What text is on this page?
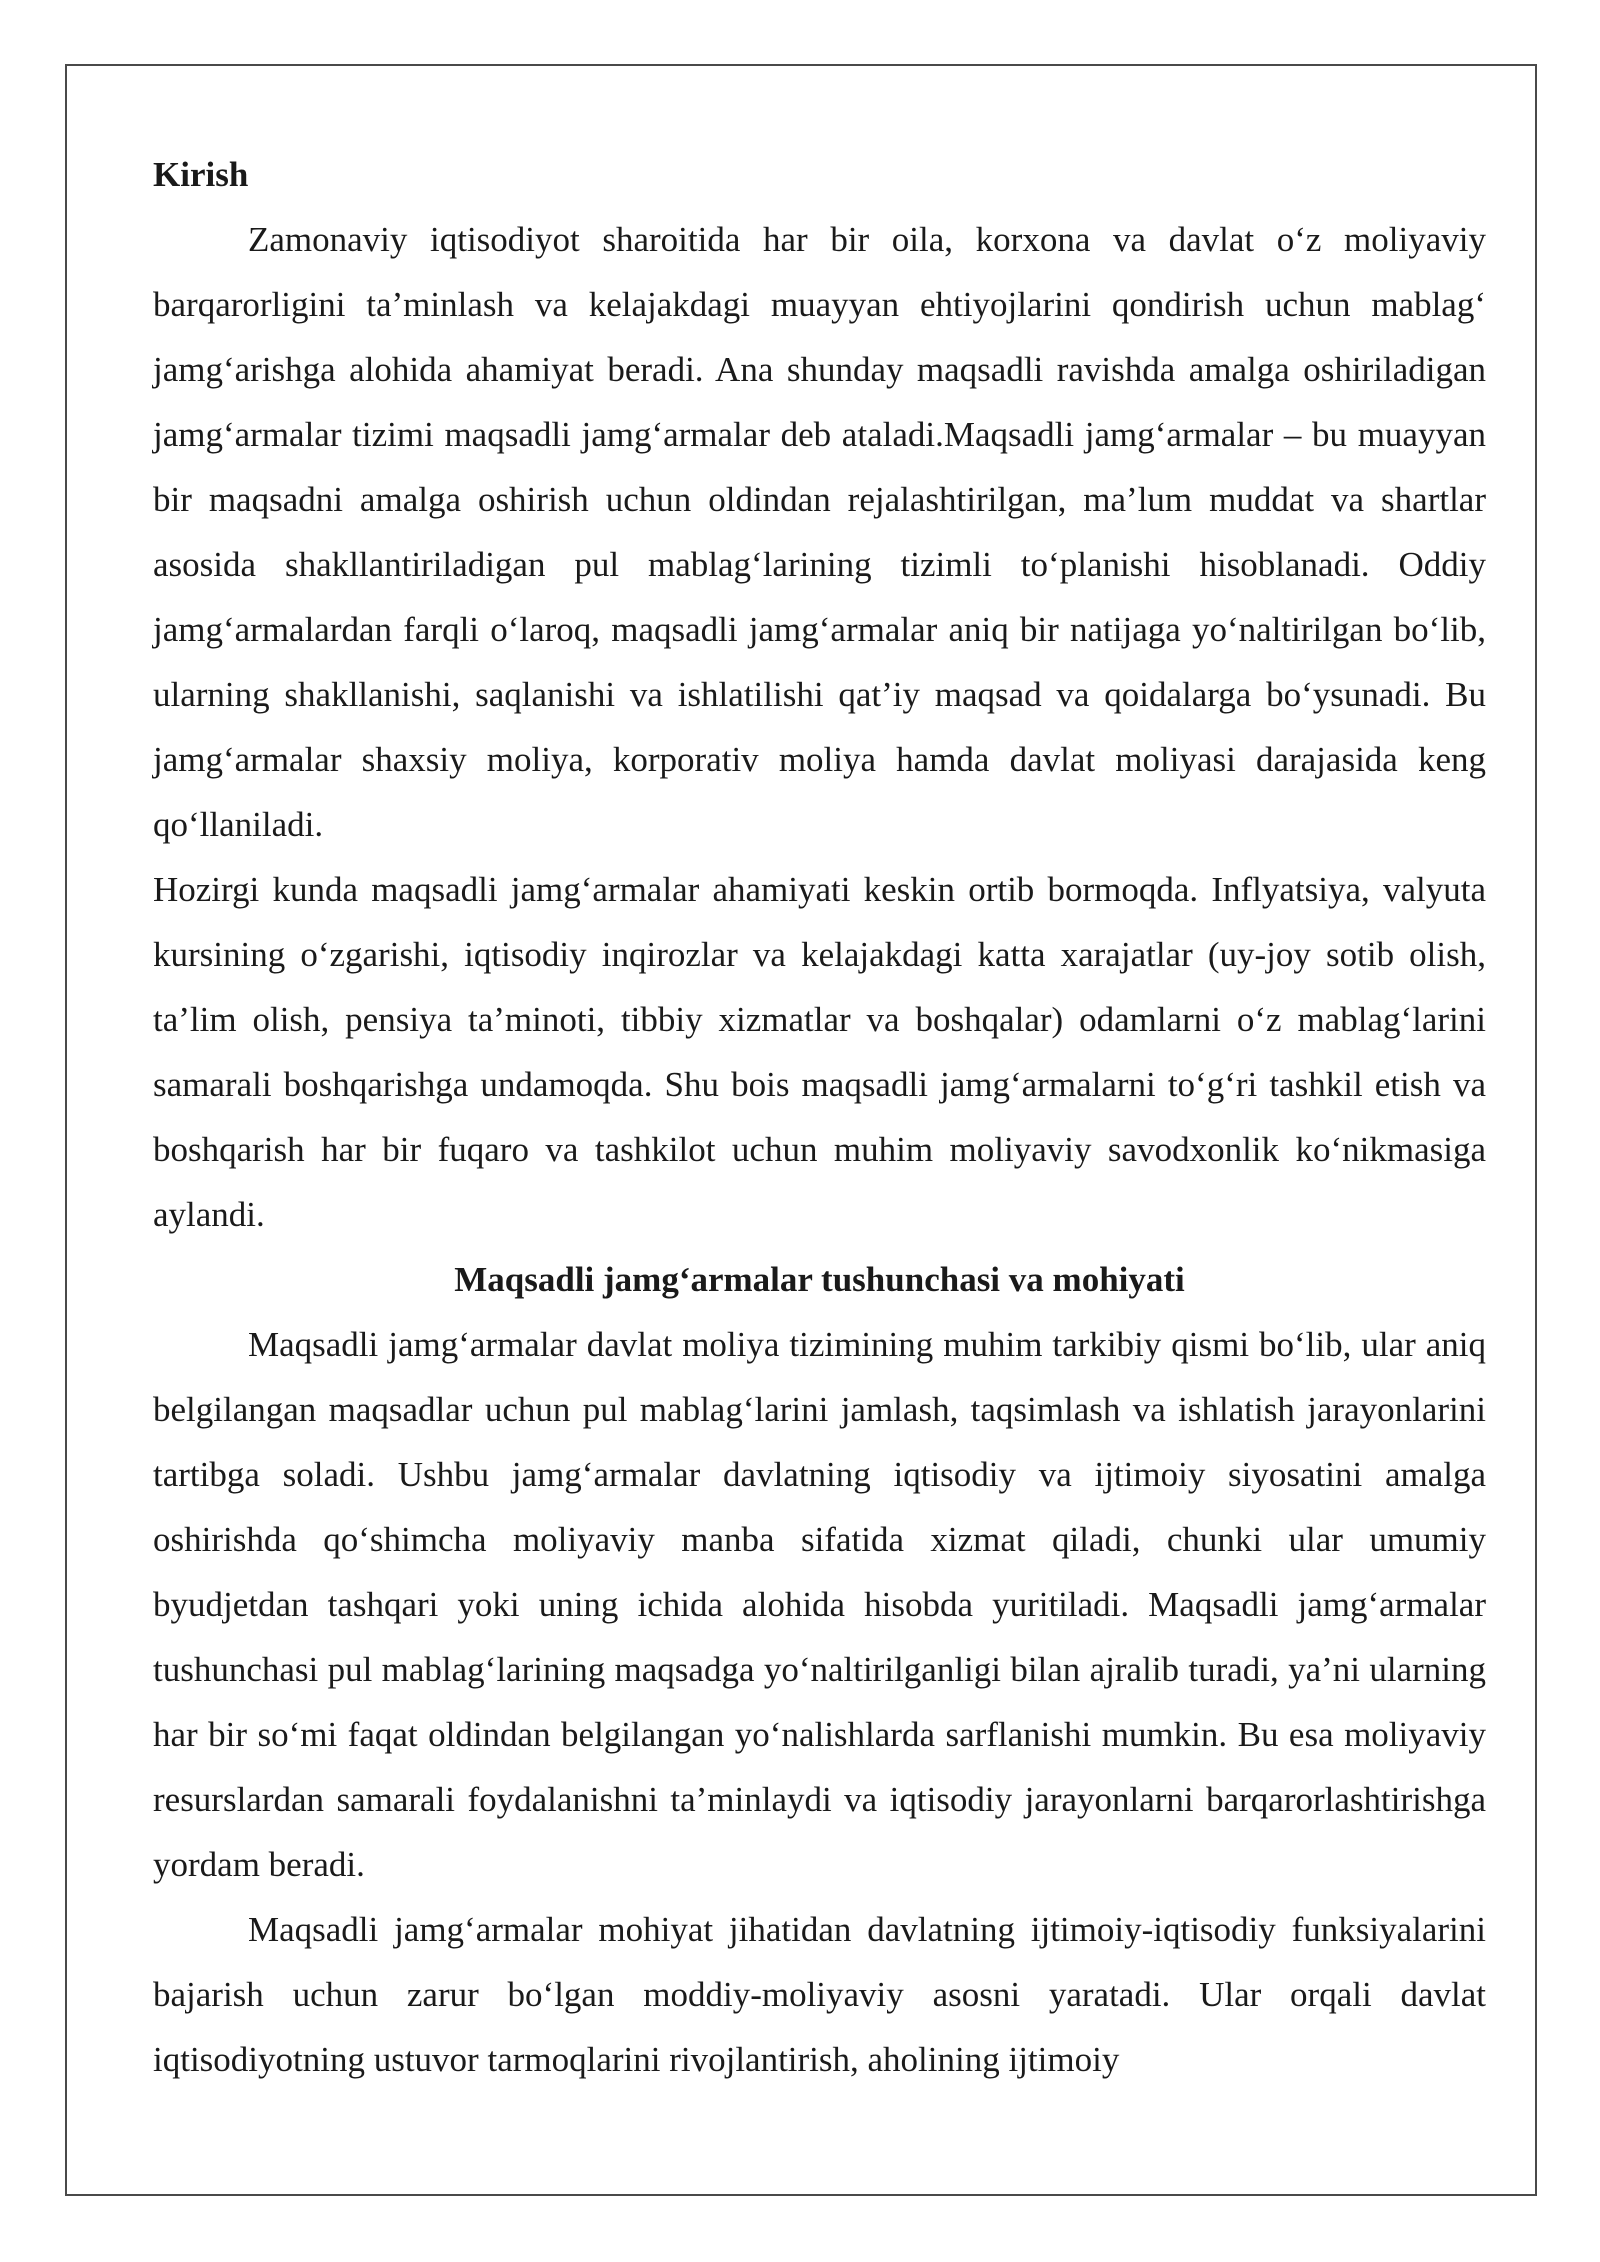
Kirish

Zamonaviy iqtisodiyot sharoitida har bir oila, korxona va davlat o‘z moliyaviy barqarorligini ta’minlash va kelajakdagi muayyan ehtiyojlarini qondirish uchun mablag‘ jamg‘arishga alohida ahamiyat beradi. Ana shunday maqsadli ravishda amalga oshiriladigan jamg‘armalar tizimi maqsadli jamg‘armalar deb ataladi.Maqsadli jamg‘armalar – bu muayyan bir maqsadni amalga oshirish uchun oldindan rejalashtirilgan, ma’lum muddat va shartlar asosida shakllantiriladigan pul mablag‘larining tizimli to‘planishi hisoblanadi. Oddiy jamg‘armalardan farqli o‘laroq, maqsadli jamg‘armalar aniq bir natijaga yo‘naltirilgan bo‘lib, ularning shakllanishi, saqlanishi va ishlatilishi qat’iy maqsad va qoidalarga bo‘ysunadi. Bu jamg‘armalar shaxsiy moliya, korporativ moliya hamda davlat moliyasi darajasida keng qo‘llaniladi.

Hozirgi kunda maqsadli jamg‘armalar ahamiyati keskin ortib bormoqda. Inflyatsiya, valyuta kursining o‘zgarishi, iqtisodiy inqirozlar va kelajakdagi katta xarajatlar (uy-joy sotib olish, ta’lim olish, pensiya ta’minoti, tibbiy xizmatlar va boshqalar) odamlarni o‘z mablag‘larini samarali boshqarishga undamoqda. Shu bois maqsadli jamg‘armalarni to‘g‘ri tashkil etish va boshqarish har bir fuqaro va tashkilot uchun muhim moliyaviy savodxonlik ko‘nikmasiga aylandi.

Maqsadli jamg‘armalar tushunchasi va mohiyati

Maqsadli jamg‘armalar davlat moliya tizimining muhim tarkibiy qismi bo‘lib, ular aniq belgilangan maqsadlar uchun pul mablag‘larini jamlash, taqsimlash va ishlatish jarayonlarini tartibga soladi. Ushbu jamg‘armalar davlatning iqtisodiy va ijtimoiy siyosatini amalga oshirishda qo‘shimcha moliyaviy manba sifatida xizmat qiladi, chunki ular umumiy byudjetdan tashqari yoki uning ichida alohida hisobda yuritiladi. Maqsadli jamg‘armalar tushunchasi pul mablag‘larining maqsadga yo‘naltirilganligi bilan ajralib turadi, ya’ni ularning har bir so‘mi faqat oldindan belgilangan yo‘nalishlarda sarflanishi mumkin. Bu esa moliyaviy resurslardan samarali foydalanishni ta’minlaydi va iqtisodiy jarayonlarni barqarorlashtirishga yordam beradi.

Maqsadli jamg‘armalar mohiyat jihatidan davlatning ijtimoiy-iqtisodiy funksiyalarini bajarish uchun zarur bo‘lgan moddiy-moliyaviy asosni yaratadi. Ular orqali davlat iqtisodiyotning ustuvor tarmoqlarini rivojlantirish, aholining ijtimoiy
